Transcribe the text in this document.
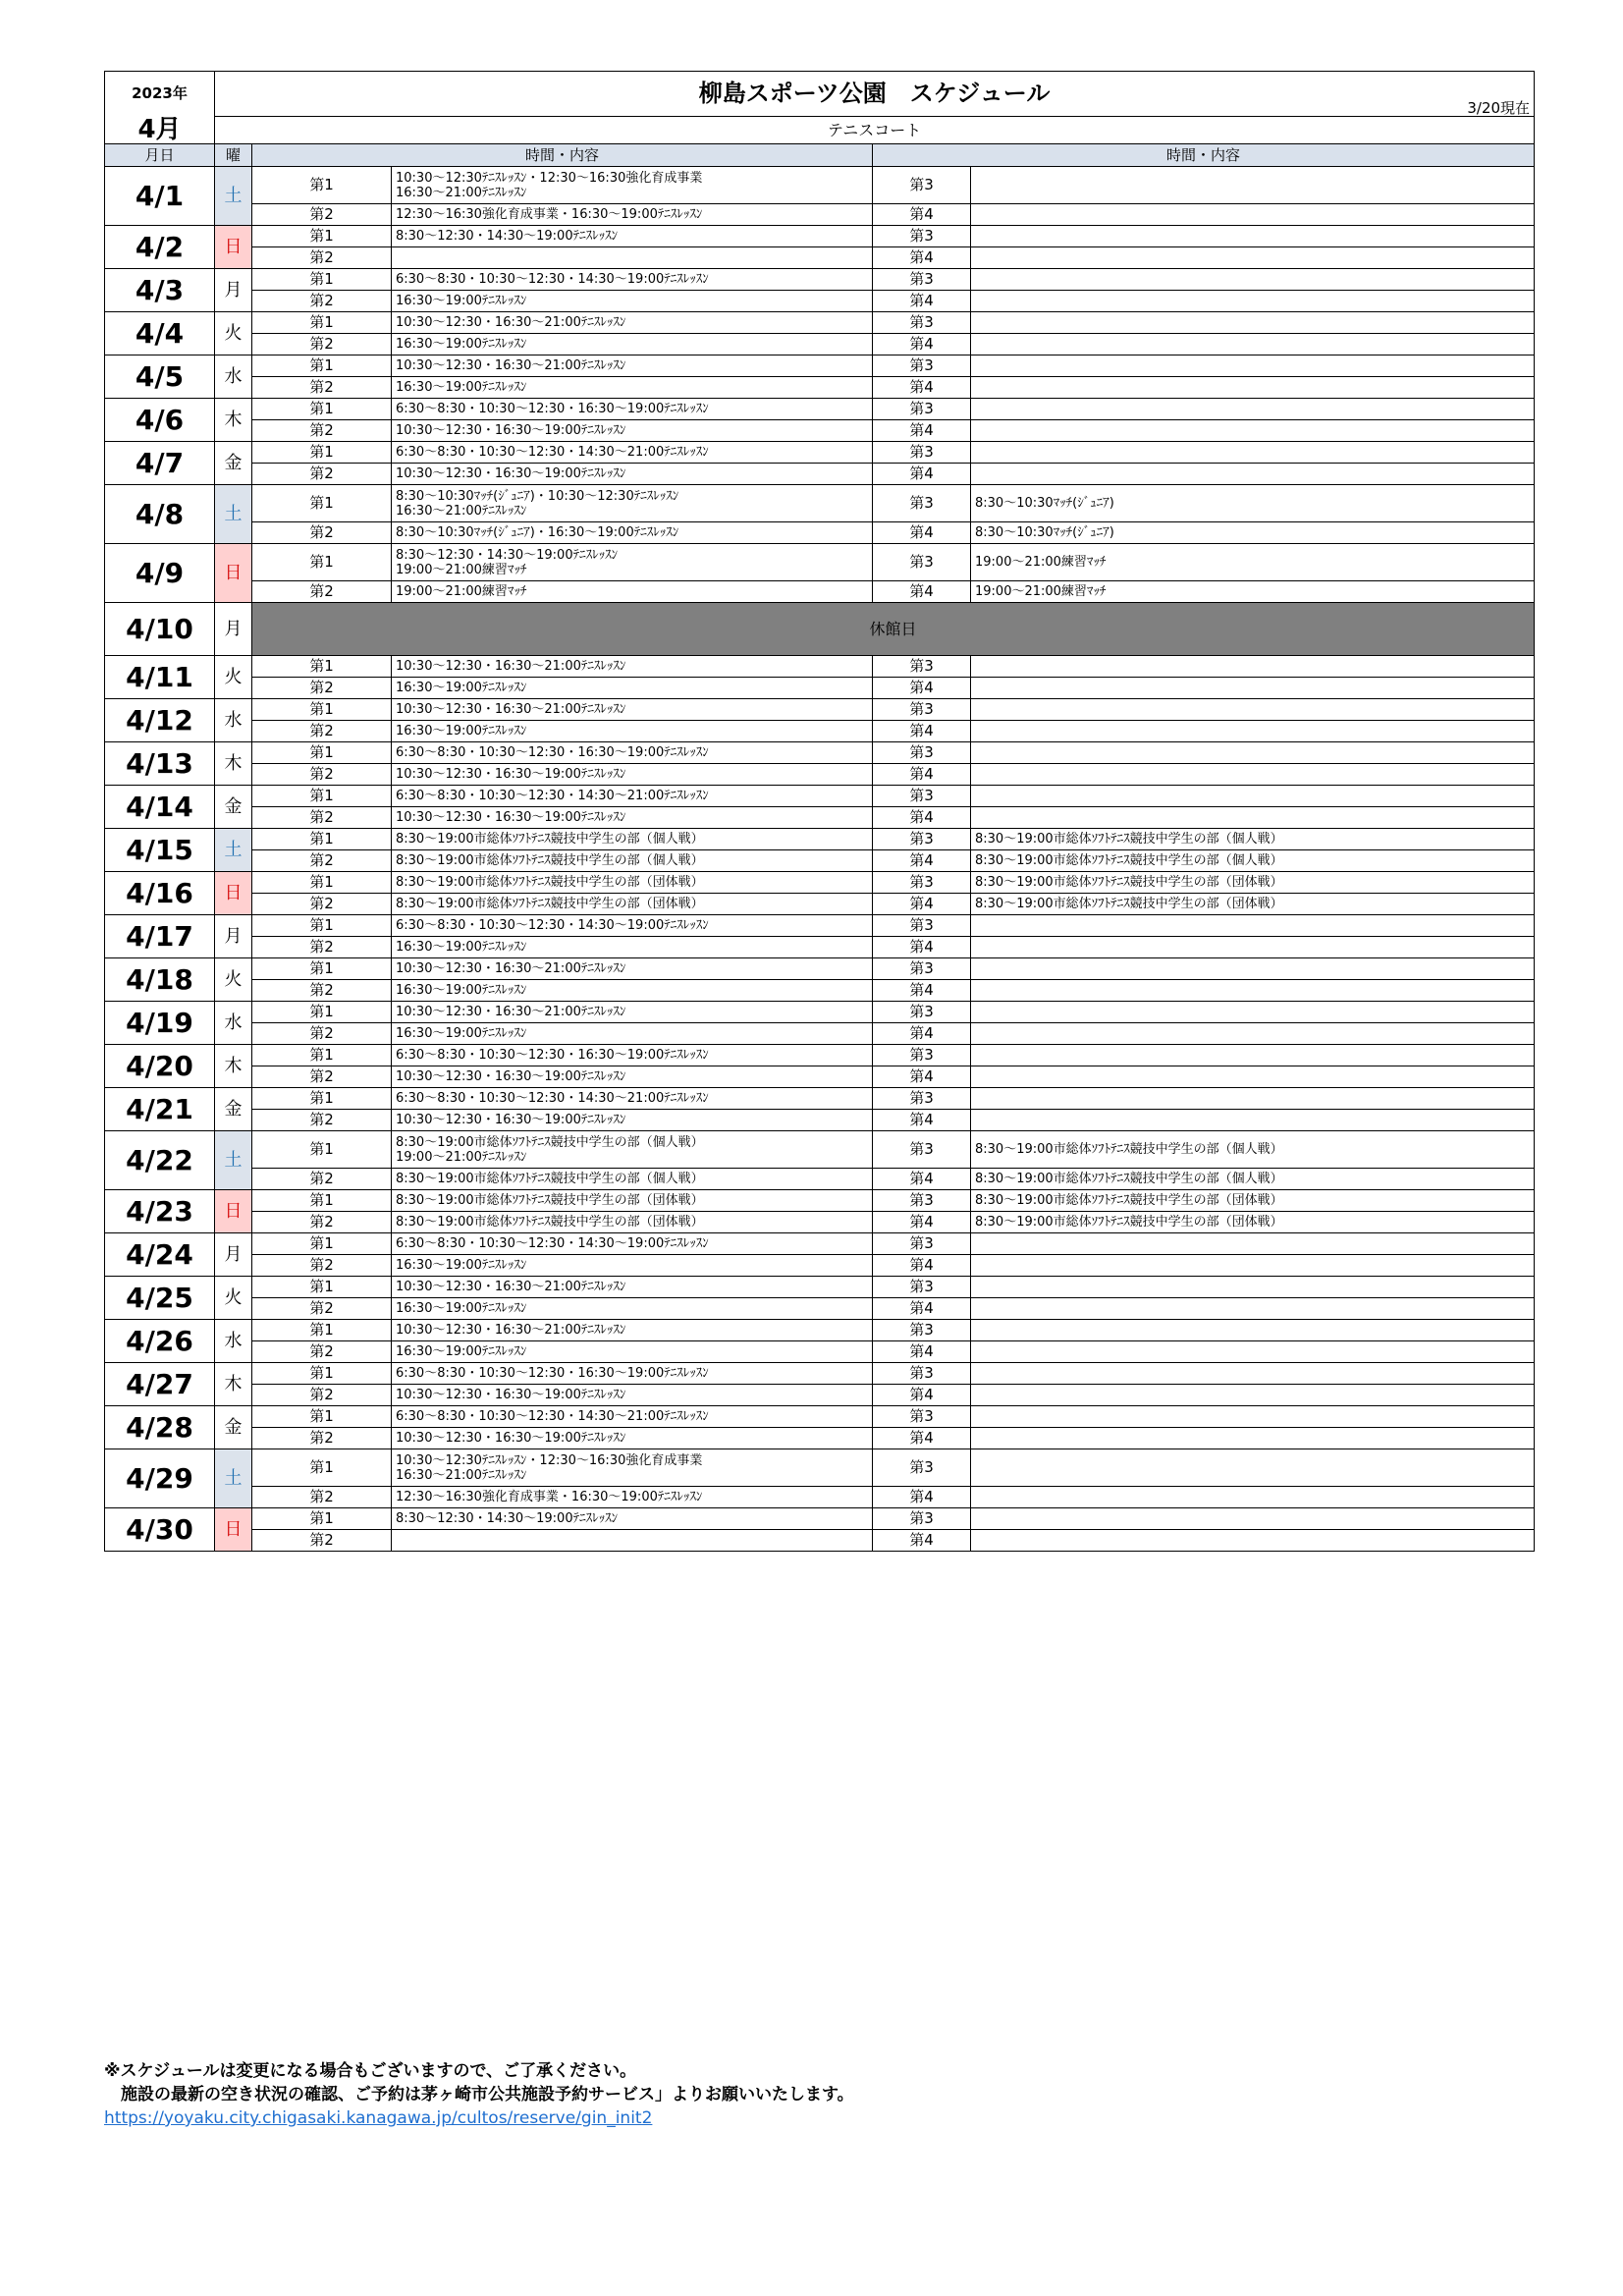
2023年	柳島スポーツ公園　スケジュール

3/20現在				

4月	テニスコート				
月日	曜	時間・内容		時間・内容	
4/1	土	第1	10:30～12:30ﾃﾆｽﾚｯｽﾝ・12:30～16:30強化育成事業
16:30～21:00ﾃﾆｽﾚｯｽﾝ	第3	
		第2	12:30～16:30強化育成事業・16:30～19:00ﾃﾆｽﾚｯｽﾝ	第4	
4/2	日	第1	8:30～12:30・14:30～19:00ﾃﾆｽﾚｯｽﾝ	第3	
		第2		第4	
4/3	月	第1	6:30～8:30・10:30～12:30・14:30～19:00ﾃﾆｽﾚｯｽﾝ	第3	
		第2	16:30～19:00ﾃﾆｽﾚｯｽﾝ	第4	
4/4	火	第1	10:30～12:30・16:30～21:00ﾃﾆｽﾚｯｽﾝ	第3	
		第2	16:30～19:00ﾃﾆｽﾚｯｽﾝ	第4	
4/5	水	第1	10:30～12:30・16:30～21:00ﾃﾆｽﾚｯｽﾝ	第3	
		第2	16:30～19:00ﾃﾆｽﾚｯｽﾝ	第4	
4/6	木	第1	6:30～8:30・10:30～12:30・16:30～19:00ﾃﾆｽﾚｯｽﾝ	第3	
		第2	10:30～12:30・16:30～19:00ﾃﾆｽﾚｯｽﾝ	第4	
4/7	金	第1	6:30～8:30・10:30～12:30・14:30～21:00ﾃﾆｽﾚｯｽﾝ	第3	
		第2	10:30～12:30・16:30～19:00ﾃﾆｽﾚｯｽﾝ	第4	
4/8	土	第1	8:30～10:30ﾏｯﾁ(ｼﾞｭﾆｱ)・10:30～12:30ﾃﾆｽﾚｯｽﾝ
16:30～21:00ﾃﾆｽﾚｯｽﾝ	第3	8:30～10:30ﾏｯﾁ(ｼﾞｭﾆｱ)
		第2	8:30～10:30ﾏｯﾁ(ｼﾞｭﾆｱ)・16:30～19:00ﾃﾆｽﾚｯｽﾝ	第4	8:30～10:30ﾏｯﾁ(ｼﾞｭﾆｱ)
4/9	日	第1	8:30～12:30・14:30～19:00ﾃﾆｽﾚｯｽﾝ
19:00～21:00練習ﾏｯﾁ	第3	19:00～21:00練習ﾏｯﾁ
		第2	19:00～21:00練習ﾏｯﾁ	第4	19:00～21:00練習ﾏｯﾁ
4/10	月	休館日			
4/11	火	第1	10:30～12:30・16:30～21:00ﾃﾆｽﾚｯｽﾝ	第3	
		第2	16:30～19:00ﾃﾆｽﾚｯｽﾝ	第4	
4/12	水	第1	10:30～12:30・16:30～21:00ﾃﾆｽﾚｯｽﾝ	第3	
		第2	16:30～19:00ﾃﾆｽﾚｯｽﾝ	第4	
4/13	木	第1	6:30～8:30・10:30～12:30・16:30～19:00ﾃﾆｽﾚｯｽﾝ	第3	
		第2	10:30～12:30・16:30～19:00ﾃﾆｽﾚｯｽﾝ	第4	
4/14	金	第1	6:30～8:30・10:30～12:30・14:30～21:00ﾃﾆｽﾚｯｽﾝ	第3	
		第2	10:30～12:30・16:30～19:00ﾃﾆｽﾚｯｽﾝ	第4	
4/15	土	第1	8:30～19:00市総体ｿﾌﾄﾃﾆｽ競技中学生の部（個人戦）	第3	8:30～19:00市総体ｿﾌﾄﾃﾆｽ競技中学生の部（個人戦）
		第2	8:30～19:00市総体ｿﾌﾄﾃﾆｽ競技中学生の部（個人戦）	第4	8:30～19:00市総体ｿﾌﾄﾃﾆｽ競技中学生の部（個人戦）
4/16	日	第1	8:30～19:00市総体ｿﾌﾄﾃﾆｽ競技中学生の部（団体戦）	第3	8:30～19:00市総体ｿﾌﾄﾃﾆｽ競技中学生の部（団体戦）
		第2	8:30～19:00市総体ｿﾌﾄﾃﾆｽ競技中学生の部（団体戦）	第4	8:30～19:00市総体ｿﾌﾄﾃﾆｽ競技中学生の部（団体戦）
4/17	月	第1	6:30～8:30・10:30～12:30・14:30～19:00ﾃﾆｽﾚｯｽﾝ	第3	
		第2	16:30～19:00ﾃﾆｽﾚｯｽﾝ	第4	
4/18	火	第1	10:30～12:30・16:30～21:00ﾃﾆｽﾚｯｽﾝ	第3	
		第2	16:30～19:00ﾃﾆｽﾚｯｽﾝ	第4	
4/19	水	第1	10:30～12:30・16:30～21:00ﾃﾆｽﾚｯｽﾝ	第3	
		第2	16:30～19:00ﾃﾆｽﾚｯｽﾝ	第4	
4/20	木	第1	6:30～8:30・10:30～12:30・16:30～19:00ﾃﾆｽﾚｯｽﾝ	第3	
		第2	10:30～12:30・16:30～19:00ﾃﾆｽﾚｯｽﾝ	第4	
4/21	金	第1	6:30～8:30・10:30～12:30・14:30～21:00ﾃﾆｽﾚｯｽﾝ	第3	
		第2	10:30～12:30・16:30～19:00ﾃﾆｽﾚｯｽﾝ	第4	
4/22	土	第1	8:30～19:00市総体ｿﾌﾄﾃﾆｽ競技中学生の部（個人戦）
19:00～21:00ﾃﾆｽﾚｯｽﾝ	第3	8:30～19:00市総体ｿﾌﾄﾃﾆｽ競技中学生の部（個人戦）
		第2	8:30～19:00市総体ｿﾌﾄﾃﾆｽ競技中学生の部（個人戦）	第4	8:30～19:00市総体ｿﾌﾄﾃﾆｽ競技中学生の部（個人戦）
4/23	日	第1	8:30～19:00市総体ｿﾌﾄﾃﾆｽ競技中学生の部（団体戦）	第3	8:30～19:00市総体ｿﾌﾄﾃﾆｽ競技中学生の部（団体戦）
		第2	8:30～19:00市総体ｿﾌﾄﾃﾆｽ競技中学生の部（団体戦）	第4	8:30～19:00市総体ｿﾌﾄﾃﾆｽ競技中学生の部（団体戦）
4/24	月	第1	6:30～8:30・10:30～12:30・14:30～19:00ﾃﾆｽﾚｯｽﾝ	第3	
		第2	16:30～19:00ﾃﾆｽﾚｯｽﾝ	第4	
4/25	火	第1	10:30～12:30・16:30～21:00ﾃﾆｽﾚｯｽﾝ	第3	
		第2	16:30～19:00ﾃﾆｽﾚｯｽﾝ	第4	
4/26	水	第1	10:30～12:30・16:30～21:00ﾃﾆｽﾚｯｽﾝ	第3	
		第2	16:30～19:00ﾃﾆｽﾚｯｽﾝ	第4	
4/27	木	第1	6:30～8:30・10:30～12:30・16:30～19:00ﾃﾆｽﾚｯｽﾝ	第3	
		第2	10:30～12:30・16:30～19:00ﾃﾆｽﾚｯｽﾝ	第4	
4/28	金	第1	6:30～8:30・10:30～12:30・14:30～21:00ﾃﾆｽﾚｯｽﾝ	第3	
		第2	10:30～12:30・16:30～19:00ﾃﾆｽﾚｯｽﾝ	第4	
4/29	土	第1	10:30～12:30ﾃﾆｽﾚｯｽﾝ・12:30～16:30強化育成事業
16:30～21:00ﾃﾆｽﾚｯｽﾝ	第3	
		第2	12:30～16:30強化育成事業・16:30～19:00ﾃﾆｽﾚｯｽﾝ	第4	
4/30	日	第1	8:30～12:30・14:30～19:00ﾃﾆｽﾚｯｽﾝ	第3	
		第2		第4	
※スケジュールは変更になる場合もございますので、ご了承ください。
　施設の最新の空き状況の確認、ご予約は茅ヶ崎市公共施設予約サービス」よりお願いいたします。
https://yoyaku.city.chigasaki.kanagawa.jp/cultos/reserve/gin_init2
